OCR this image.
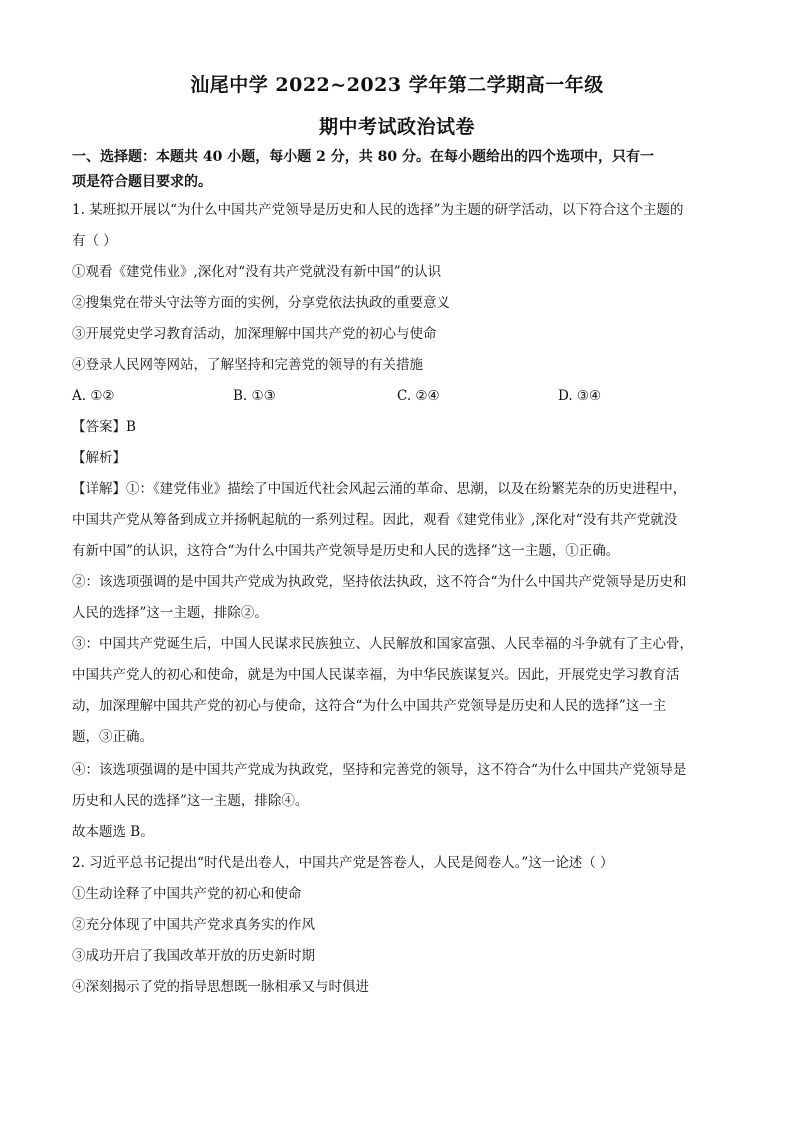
汕尾中学 2022~2023 学年第二学期高一年级
期中考试政治试卷
一、选择题：本题共 40 小题，每小题 2 分，共 80 分。在每小题给出的四个选项中，只有一
项是符合题目要求的。
1. 某班拟开展以“为什么中国共产党领导是历史和人民的选择”为主题的研学活动，以下符合这个主题的
有（ ）
①观看《建党伟业》,深化对“没有共产党就没有新中国”的认识
②搜集党在带头守法等方面的实例，分享党依法执政的重要意义
③开展党史学习教育活动，加深理解中国共产党的初心与使命
④登录人民网等网站，了解坚持和完善党的领导的有关措施
A. ①②	B. ①③	C. ②④	D. ③④
【答案】B
【解析】
【详解】①：《建党伟业》描绘了中国近代社会风起云涌的革命、思潮，以及在纷繁芜杂的历史进程中，
中国共产党从筹备到成立并扬帆起航的一系列过程。因此，观看《建党伟业》,深化对“没有共产党就没
有新中国”的认识，这符合“为什么中国共产党领导是历史和人民的选择”这一主题，①正确。
②：该选项强调的是中国共产党成为执政党，坚持依法执政，这不符合“为什么中国共产党领导是历史和
人民的选择”这一主题，排除②。
③：中国共产党诞生后，中国人民谋求民族独立、人民解放和国家富强、人民幸福的斗争就有了主心骨，
中国共产党人的初心和使命，就是为中国人民谋幸福，为中华民族谋复兴。因此，开展党史学习教育活
动，加深理解中国共产党的初心与使命，这符合“为什么中国共产党领导是历史和人民的选择”这一主
题，③正确。
④：该选项强调的是中国共产党成为执政党，坚持和完善党的领导，这不符合“为什么中国共产党领导是
历史和人民的选择”这一主题，排除④。
故本题选 B。
2. 习近平总书记提出“时代是出卷人，中国共产党是答卷人，人民是阅卷人。”这一论述（ ）
①生动诠释了中国共产党的初心和使命
②充分体现了中国共产党求真务实的作风
③成功开启了我国改革开放的历史新时期
④深刻揭示了党的指导思想既一脉相承又与时俱进
